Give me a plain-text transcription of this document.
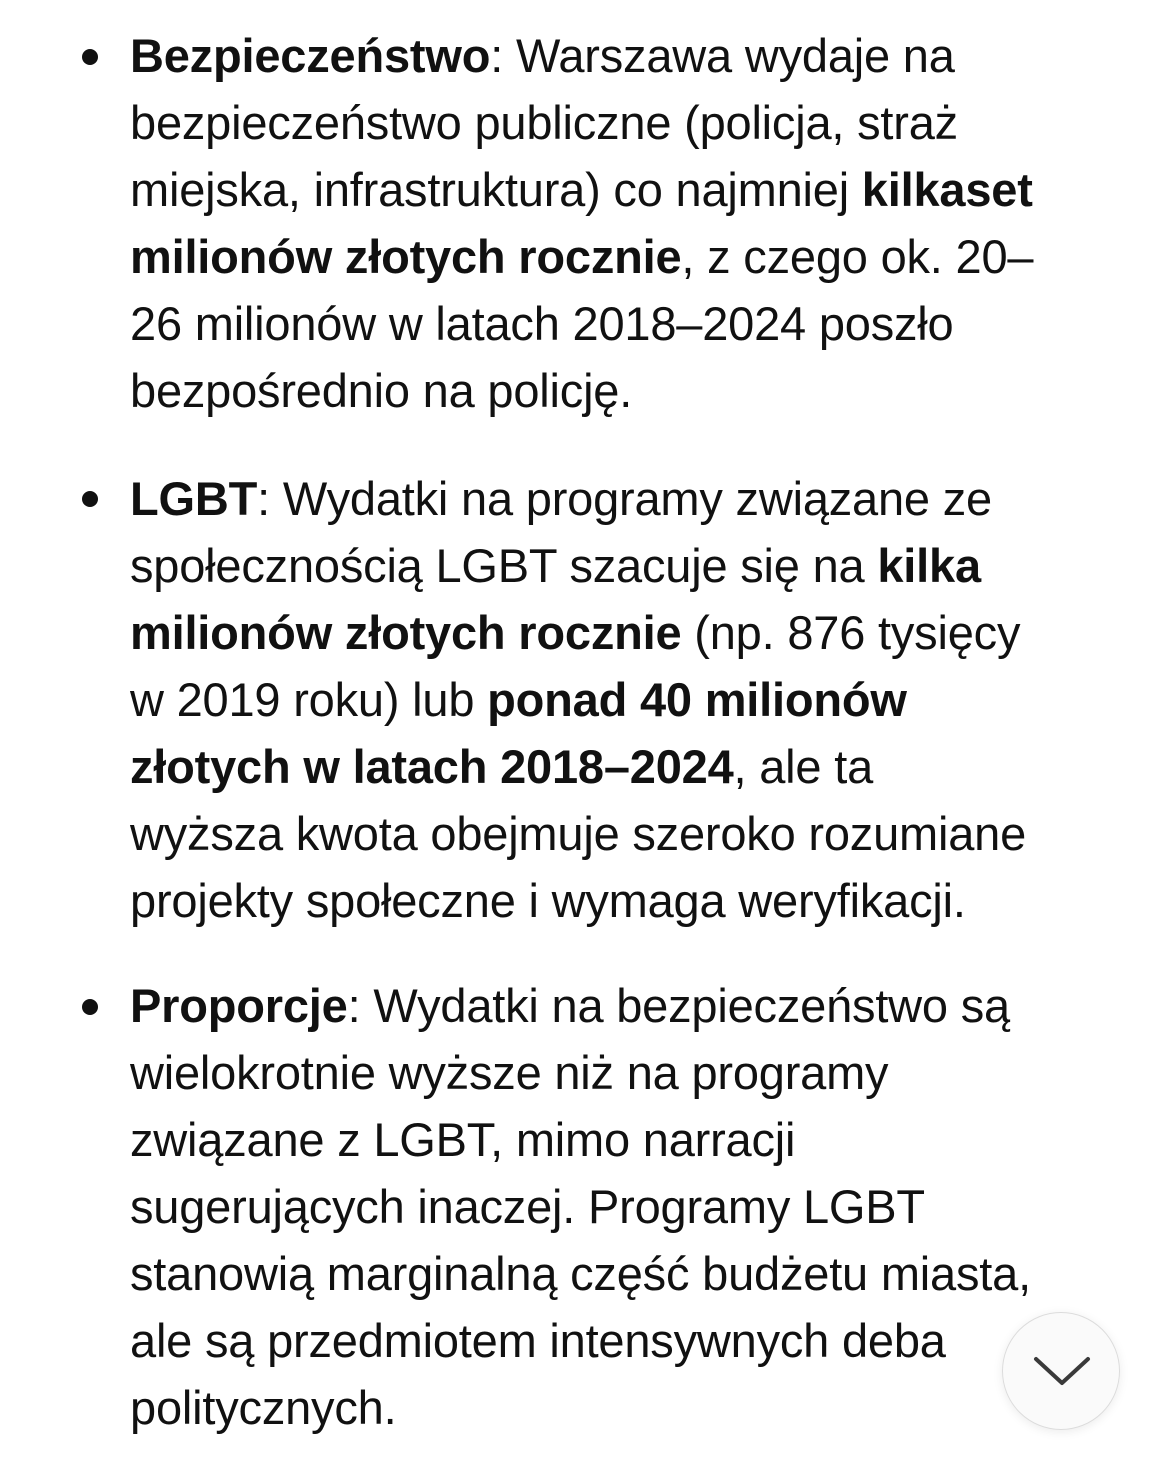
Bezpieczeństwo: Warszawa wydaje na
bezpieczeństwo publiczne (policja, straż
miejska, infrastruktura) co najmniej kilkaset
milionów złotych rocznie, z czego ok. 20–
26 milionów w latach 2018–2024 poszło
bezpośrednio na policję.
LGBT: Wydatki na programy związane ze
społecznością LGBT szacuje się na kilka
milionów złotych rocznie (np. 876 tysięcy
w 2019 roku) lub ponad 40 milionów
złotych w latach 2018–2024, ale ta
wyższa kwota obejmuje szeroko rozumiane
projekty społeczne i wymaga weryfikacji.
Proporcje: Wydatki na bezpieczeństwo są
wielokrotnie wyższe niż na programy
związane z LGBT, mimo narracji
sugerujących inaczej. Programy LGBT
stanowią marginalną część budżetu miasta,
ale są przedmiotem intensywnych deba
politycznych.
